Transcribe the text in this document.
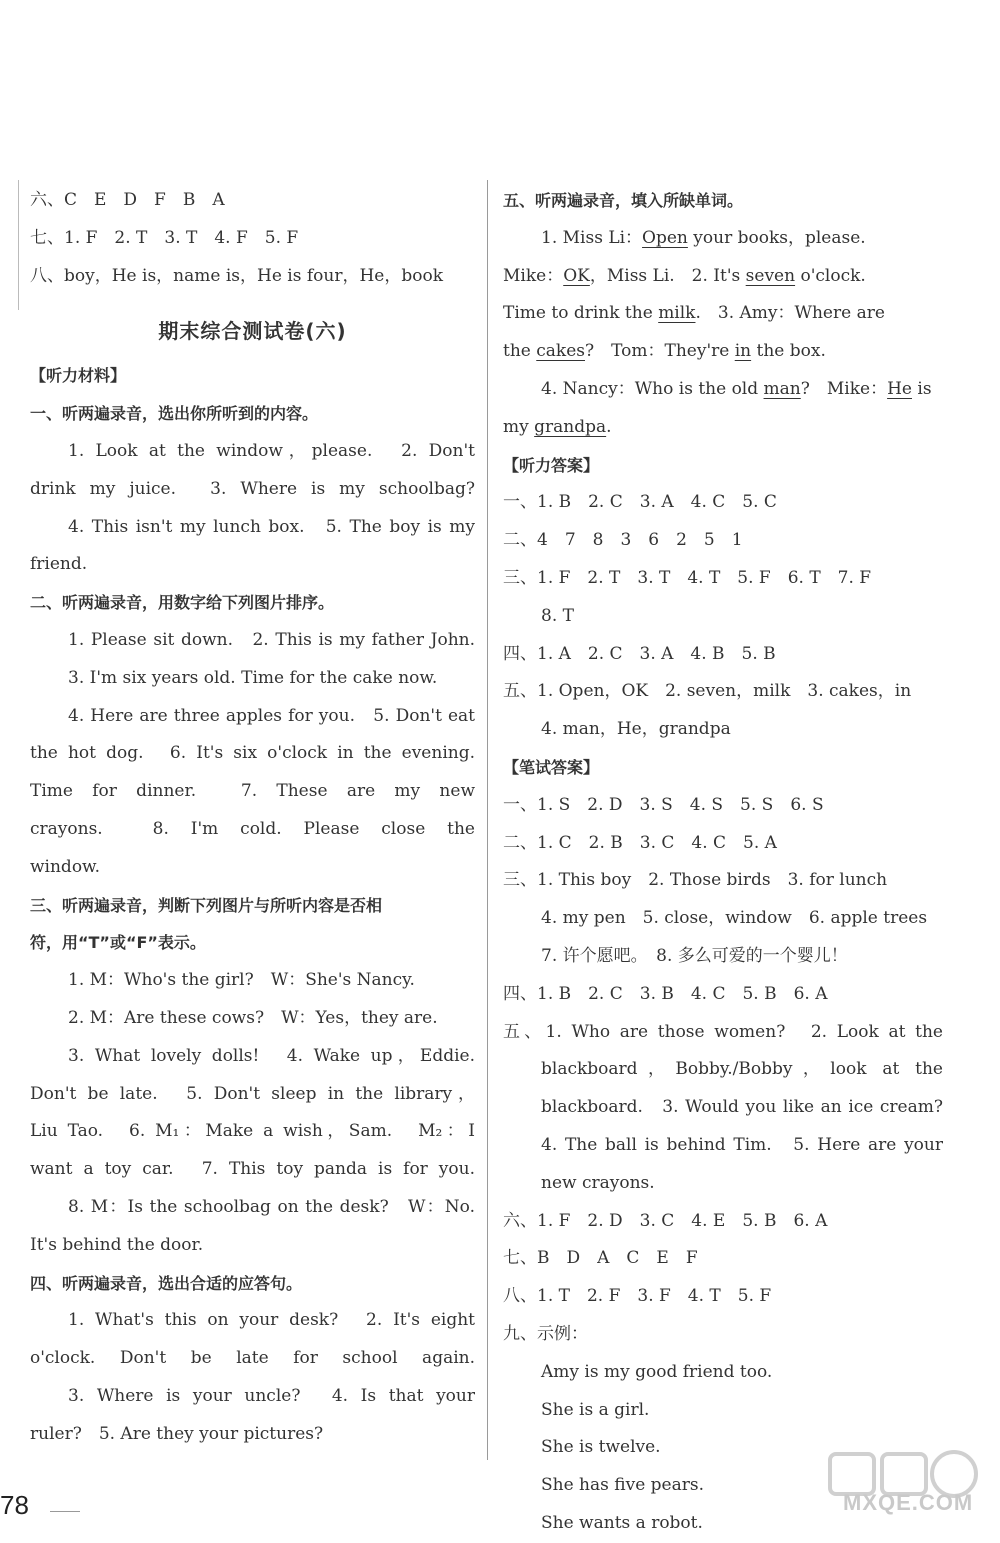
六、C　E　D　F　B　A
七、1. F　2. T　3. T　4. F　5. F
八、boy，He is，name is，He is four，He，book
期末综合测试卷(六)
【听力材料】
一、听两遍录音，选出你所听到的内容。
1. Look at the window，please.　2. Don't
drink my juice.　3. Where is my schoolbag?
4. This isn't my lunch box.　5. The boy is my
friend.
二、听两遍录音，用数字给下列图片排序。
1. Please sit down.　2. This is my father John.
3. I'm six years old. Time for the cake now.
4. Here are three apples for you.　5. Don't eat
the hot dog.　6. It's six o'clock in the evening.
Time for dinner.　7. These are my new
crayons.　8. I'm cold. Please close the
window.
三、听两遍录音，判断下列图片与所听内容是否相
符，用“T”或“F”表示。
1. M：Who's the girl?　W：She's Nancy.
2. M：Are these cows?　W：Yes，they are.
3. What lovely dolls!　4. Wake up，Eddie.
Don't be late.　5. Don't sleep in the library，
Liu Tao.　6. M₁：Make a wish，Sam.　M₂：I
want a toy car.　7. This toy panda is for you.
8. M：Is the schoolbag on the desk?　W：No.
It's behind the door.
四、听两遍录音，选出合适的应答句。
1. What's this on your desk?　2. It's eight
o'clock. Don't be late for school again.
3. Where is your uncle?　4. Is that your
ruler?　5. Are they your pictures?
五、听两遍录音，填入所缺单词。
1. Miss Li：Open your books，please.
Mike：OK，Miss Li.　2. It's seven o'clock.
Time to drink the milk.　3. Amy：Where are
the cakes?　Tom：They're in the box.
4. Nancy：Who is the old man?　Mike：He is
my grandpa.
【听力答案】
一、1. B　2. C　3. A　4. C　5. C
二、4　7　8　3　6　2　5　1
三、1. F　2. T　3. T　4. T　5. F　6. T　7. F
8. T
四、1. A　2. C　3. A　4. B　5. B
五、1. Open，OK　2. seven，milk　3. cakes，in
4. man，He，grandpa
【笔试答案】
一、1. S　2. D　3. S　4. S　5. S　6. S
二、1. C　2. B　3. C　4. C　5. A
三、1. This boy　2. Those birds　3. for lunch
4. my pen　5. close，window　6. apple trees
7. 许个愿吧。　8. 多么可爱的一个婴儿！
四、1. B　2. C　3. B　4. C　5. B　6. A
五、1. Who are those women?　2. Look at the
blackboard，Bobby./Bobby，look at the
blackboard.　3. Would you like an ice cream?
4. The ball is behind Tim.　5. Here are your
new crayons.
六、1. F　2. D　3. C　4. E　5. B　6. A
七、B　D　A　C　E　F
八、1. T　2. F　3. F　4. T　5. F
九、示例：
Amy is my good friend too.
She is a girl.
She is twelve.
She has five pears.
She wants a robot.
78	MXQE.COM
